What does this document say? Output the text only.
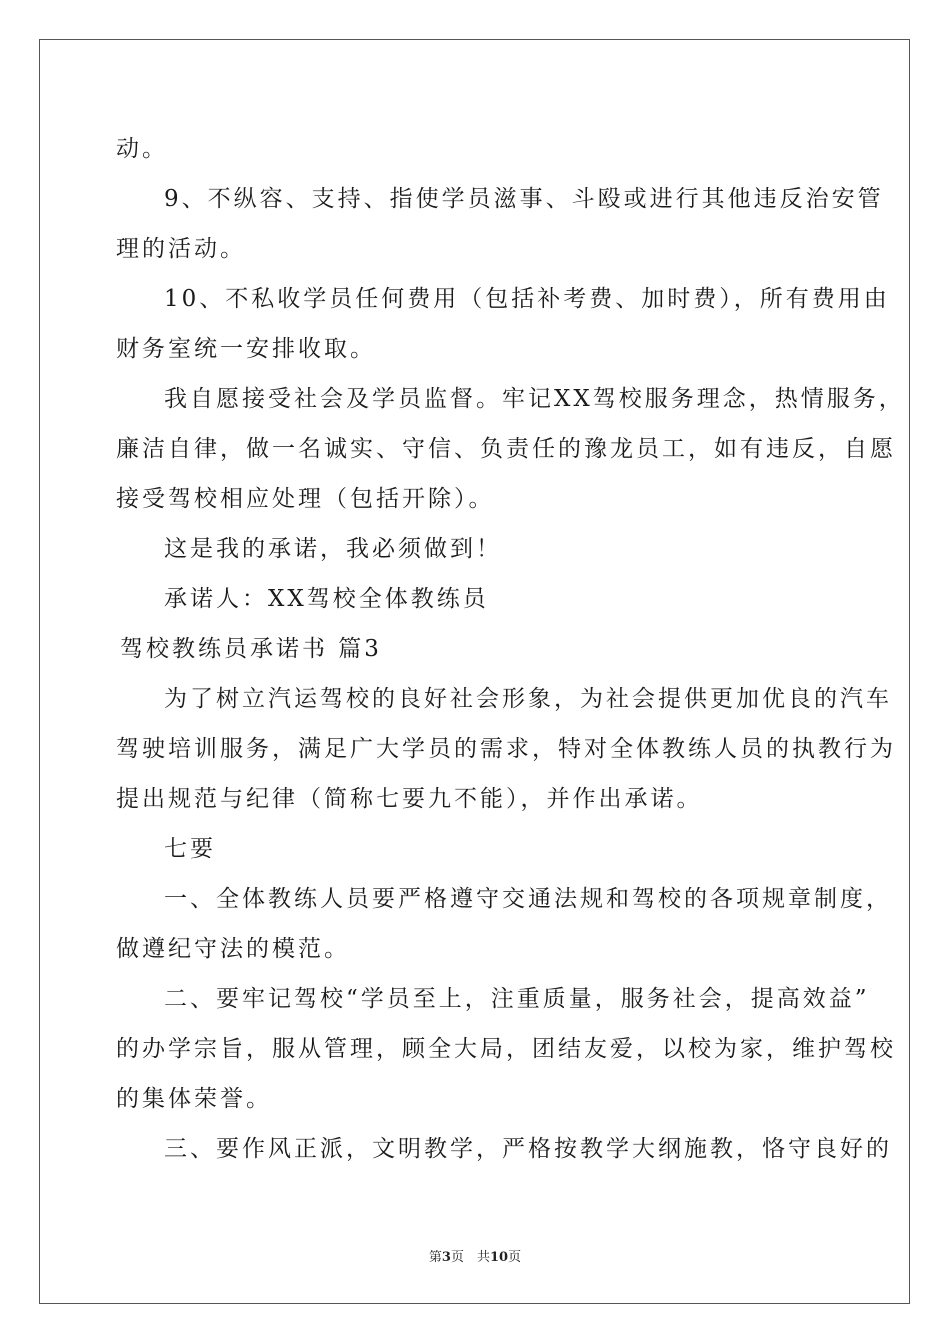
动。
9、不纵容、支持、指使学员滋事、斗殴或进行其他违反治安管
理的活动。
10、不私收学员任何费用（包括补考费、加时费），所有费用由
财务室统一安排收取。
我自愿接受社会及学员监督。牢记XX驾校服务理念，热情服务，
廉洁自律，做一名诚实、守信、负责任的豫龙员工，如有违反，自愿
接受驾校相应处理（包括开除）。
这是我的承诺，我必须做到！
承诺人：XX驾校全体教练员
驾校教练员承诺书 篇3
为了树立汽运驾校的良好社会形象，为社会提供更加优良的汽车
驾驶培训服务，满足广大学员的需求，特对全体教练人员的执教行为
提出规范与纪律（简称七要九不能），并作出承诺。
七要
一、全体教练人员要严格遵守交通法规和驾校的各项规章制度，
做遵纪守法的模范。
二、要牢记驾校“学员至上，注重质量，服务社会，提高效益”
的办学宗旨，服从管理，顾全大局，团结友爱，以校为家，维护驾校
的集体荣誉。
三、要作风正派，文明教学，严格按教学大纲施教，恪守良好的
第3页　共10页
